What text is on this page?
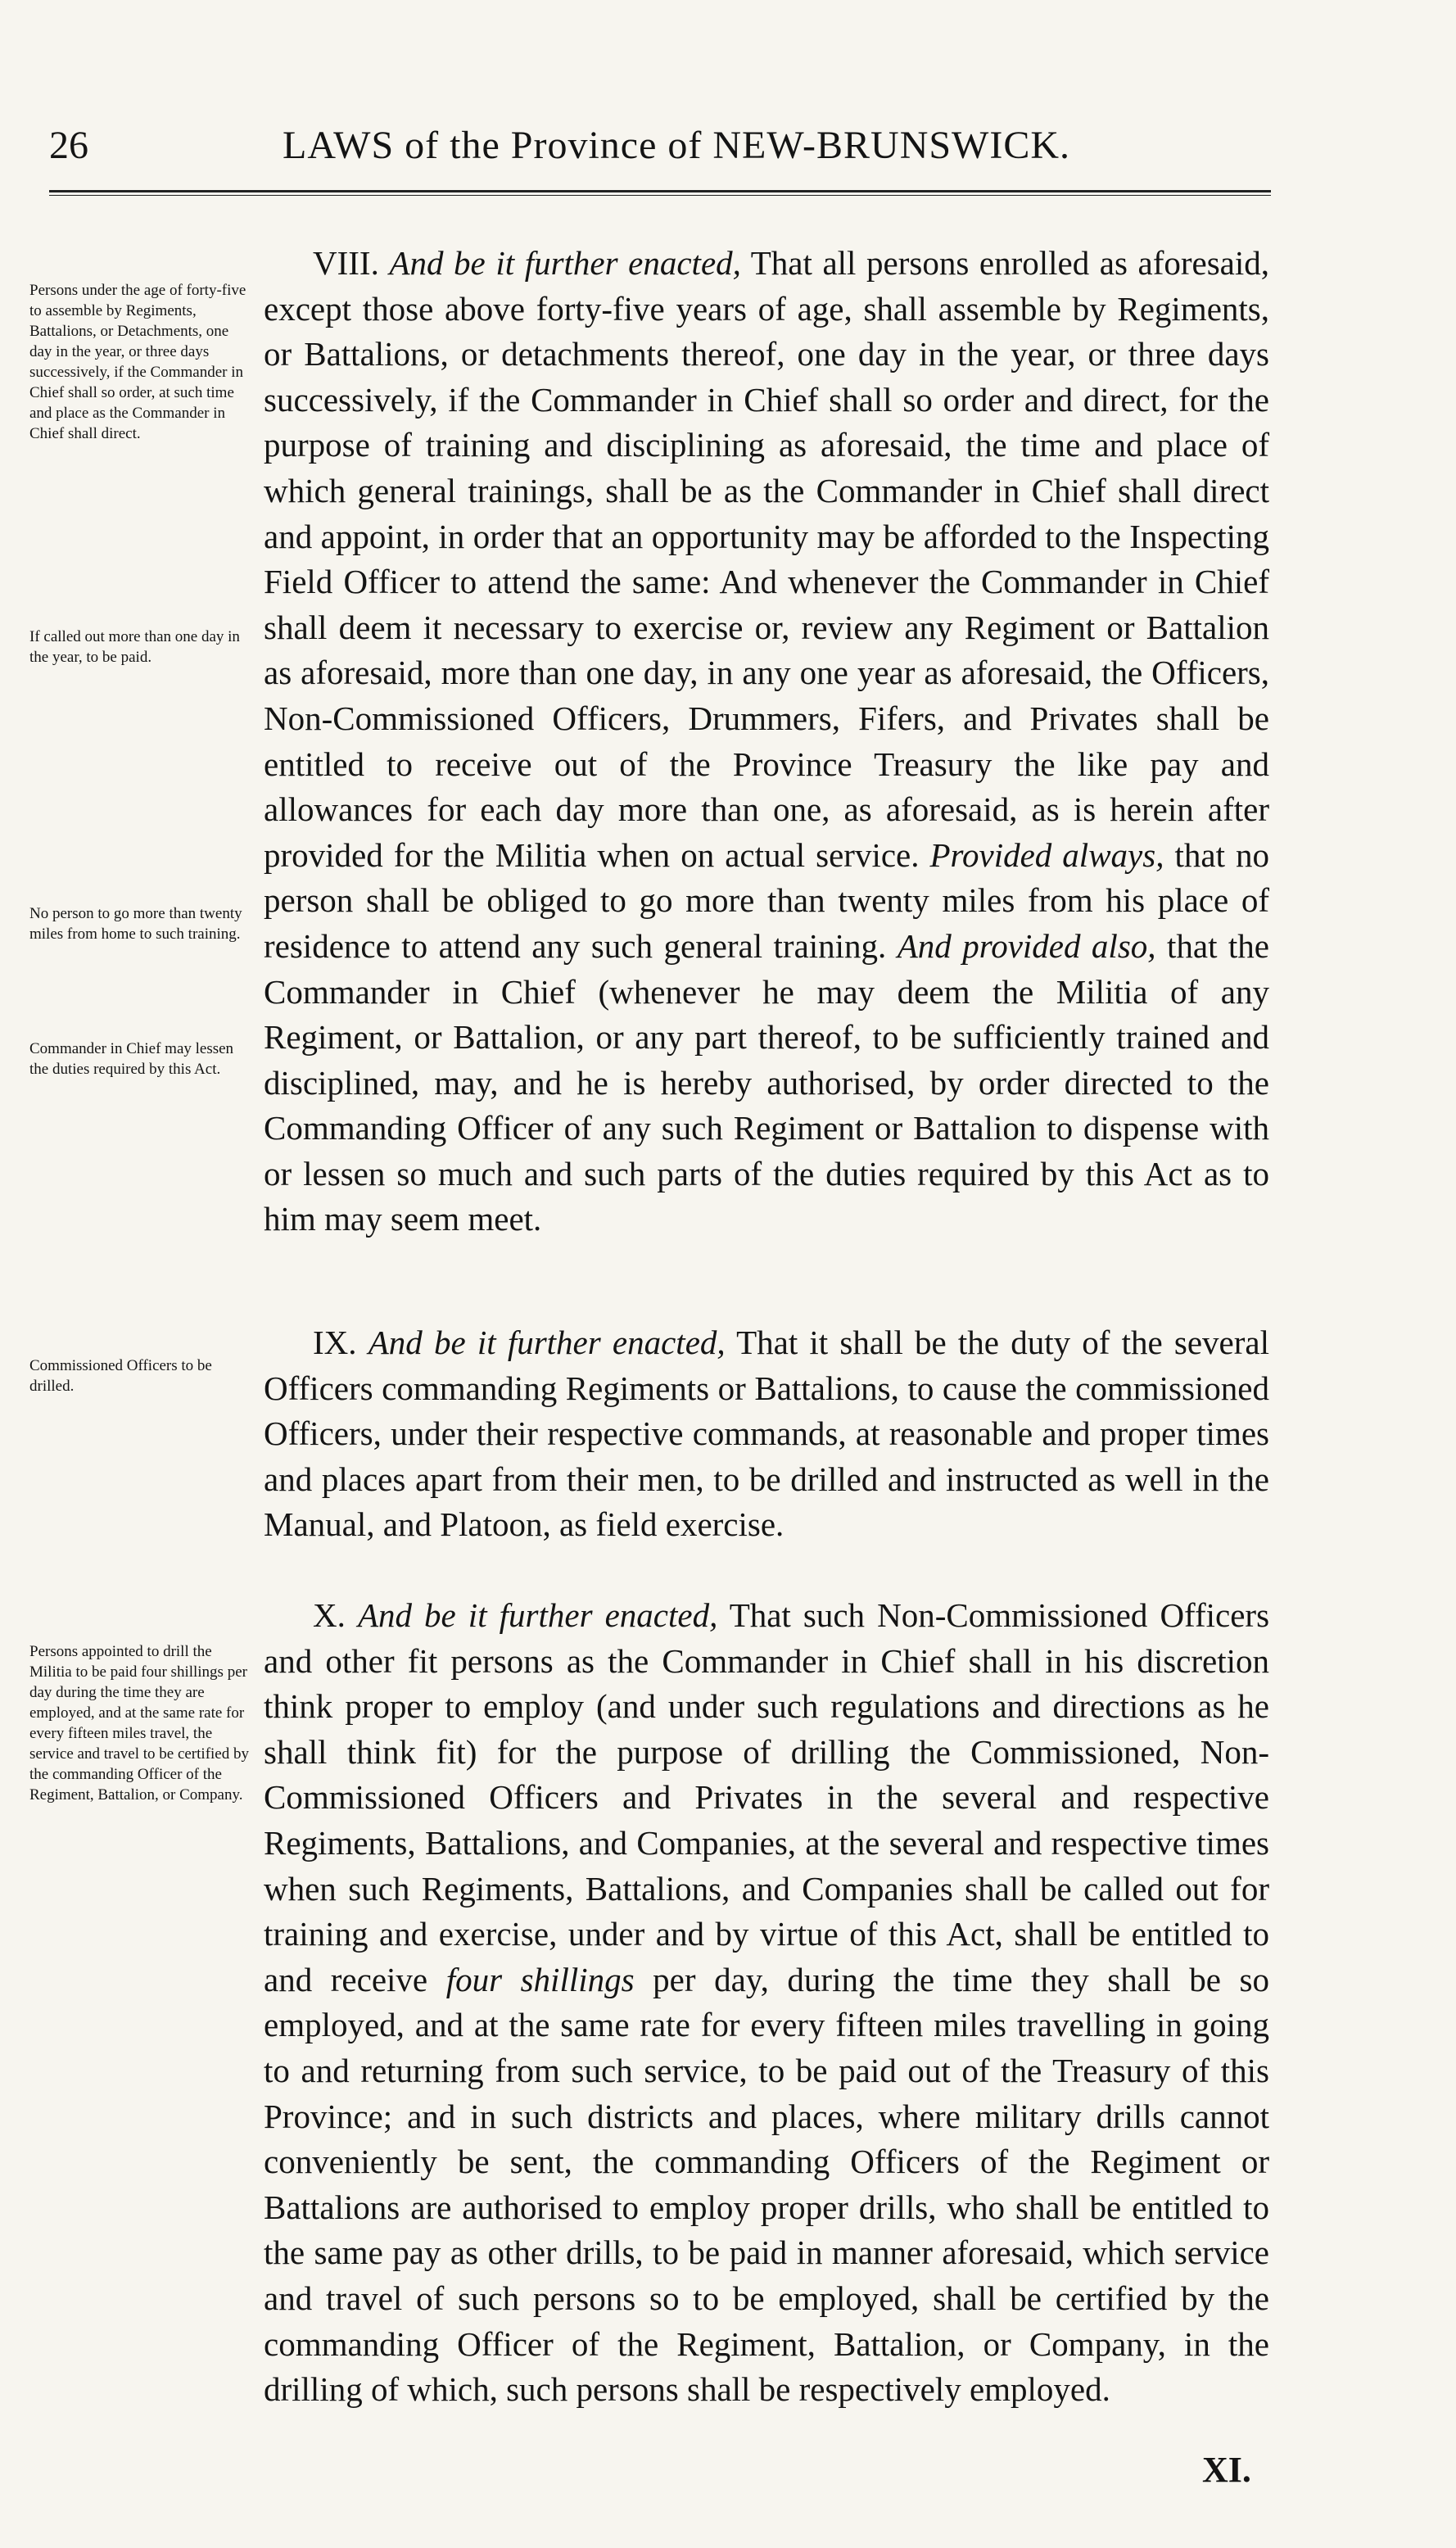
26	LAWS of the Province of NEW-BRUNSWICK.
Persons under the age of forty-five to assemble by Regiments, Battalions, or Detachments, one day in the year, or three days successively, if the Commander in Chief shall so order, at such time and place as the Commander in Chief shall direct.
If called out more than one day in the year, to be paid.
No person to go more than twenty miles from home to such training.
Commander in Chief may lessen the duties required by this Act.
VIII. And be it further enacted, That all persons enrolled as aforesaid, except those above forty-five years of age, shall assemble by Regiments, or Battalions, or detachments thereof, one day in the year, or three days successively, if the Commander in Chief shall so order and direct, for the purpose of training and disciplining as aforesaid, the time and place of which general trainings, shall be as the Commander in Chief shall direct and appoint, in order that an opportunity may be afforded to the Inspecting Field Officer to attend the same: And whenever the Commander in Chief shall deem it necessary to exercise or, review any Regiment or Battalion as aforesaid, more than one day, in any one year as aforesaid, the Officers, Non-Commissioned Officers, Drummers, Fifers, and Privates shall be entitled to receive out of the Province Treasury the like pay and allowances for each day more than one, as aforesaid, as is herein after provided for the Militia when on actual service. Provided always, that no person shall be obliged to go more than twenty miles from his place of residence to attend any such general training. And provided also, that the Commander in Chief (whenever he may deem the Militia of any Regiment, or Battalion, or any part thereof, to be sufficiently trained and disciplined, may, and he is hereby authorised, by order directed to the Commanding Officer of any such Regiment or Battalion to dispense with or lessen so much and such parts of the duties required by this Act as to him may seem meet.
Commissioned Officers to be drilled.
IX. And be it further enacted, That it shall be the duty of the several Officers commanding Regiments or Battalions, to cause the commissioned Officers, under their respective commands, at reasonable and proper times and places apart from their men, to be drilled and instructed as well in the Manual, and Platoon, as field exercise.
Persons appointed to drill the Militia to be paid four shillings per day during the time they are employed, and at the same rate for every fifteen miles travel, the service and travel to be certified by the commanding Officer of the Regiment, Battalion, or Company.
X. And be it further enacted, That such Non-Commissioned Officers and other fit persons as the Commander in Chief shall in his discretion think proper to employ (and under such regulations and directions as he shall think fit) for the purpose of drilling the Commissioned, Non-Commissioned Officers and Privates in the several and respective Regiments, Battalions, and Companies, at the several and respective times when such Regiments, Battalions, and Companies shall be called out for training and exercise, under and by virtue of this Act, shall be entitled to and receive four shillings per day, during the time they shall be so employed, and at the same rate for every fifteen miles travelling in going to and returning from such service, to be paid out of the Treasury of this Province; and in such districts and places, where military drills cannot conveniently be sent, the commanding Officers of the Regiment or Battalions are authorised to employ proper drills, who shall be entitled to the same pay as other drills, to be paid in manner aforesaid, which service and travel of such persons so to be employed, shall be certified by the commanding Officer of the Regiment, Battalion, or Company, in the drilling of which, such persons shall be respectively employed.
XI.
